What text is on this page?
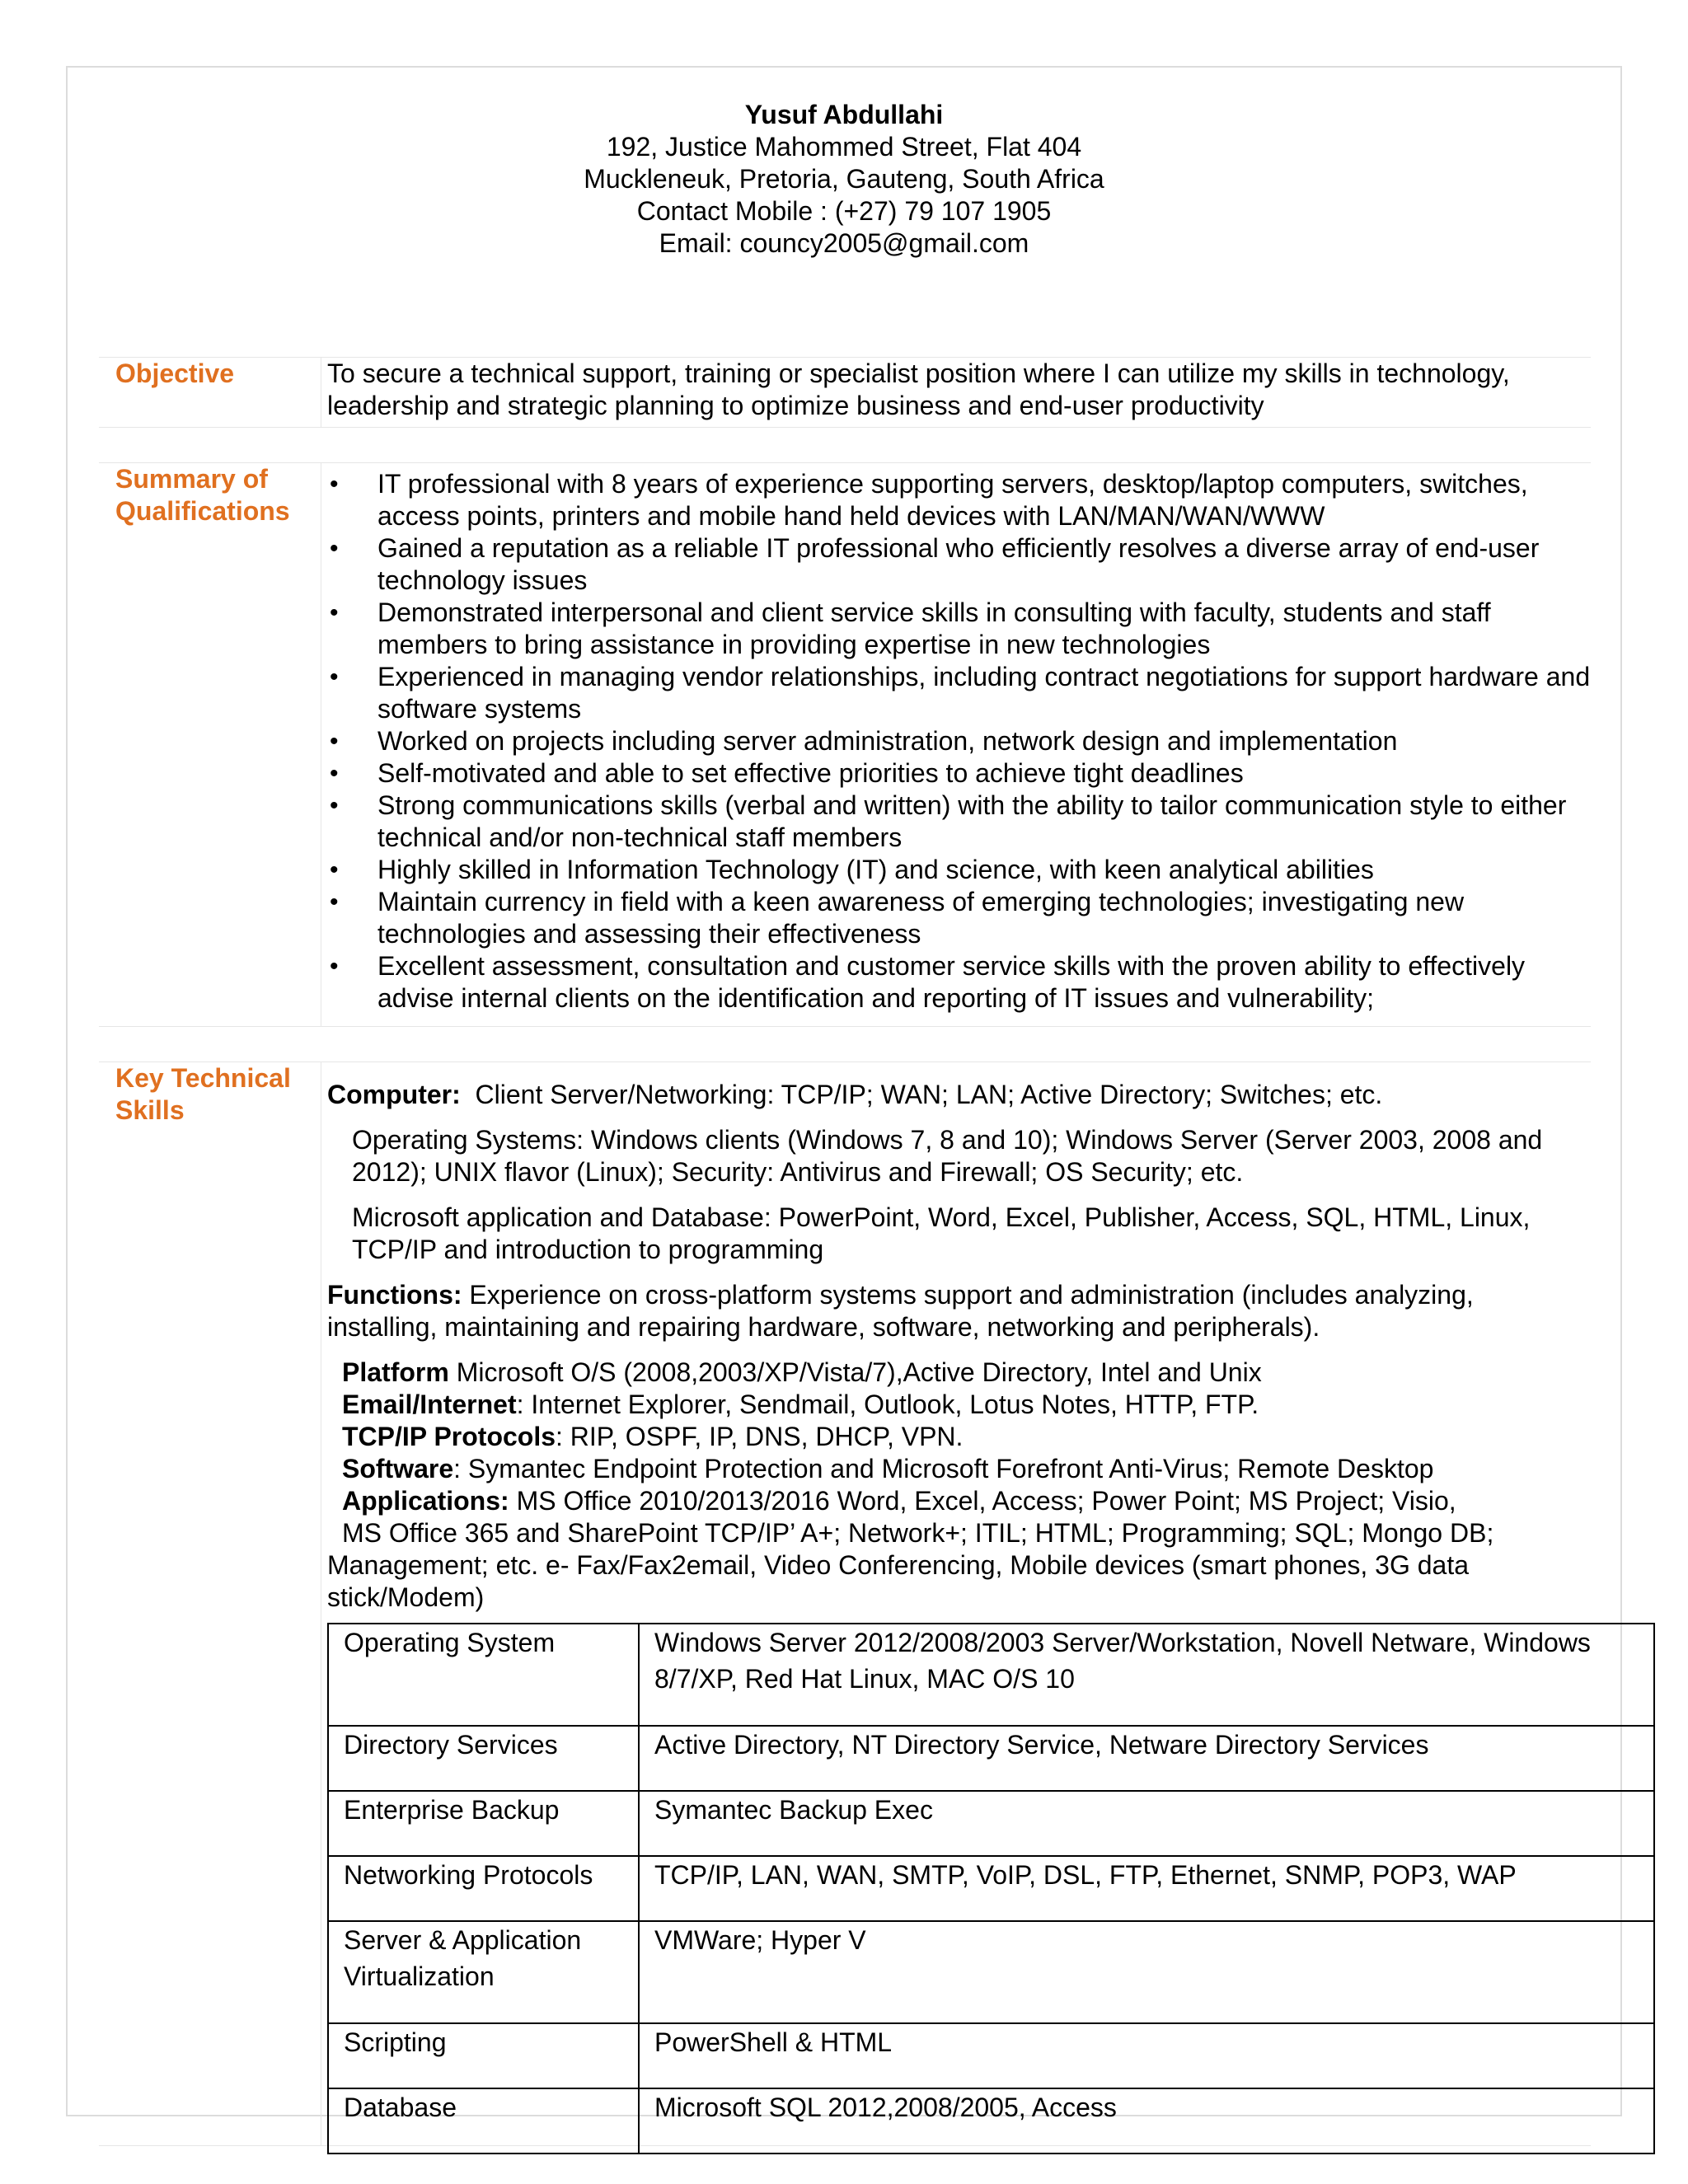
Yusuf Abdullahi
192, Justice Mahommed Street, Flat 404
Muckleneuk, Pretoria, Gauteng, South Africa
Contact Mobile : (+27) 79 107 1905
Email: councy2005@gmail.com
Objective	To secure a technical support, training or specialist position where I can utilize my skills in technology, leadership and strategic planning to optimize business and end-user productivity

Summary of Qualifications
• IT professional with 8 years of experience supporting servers, desktop/laptop computers, switches, access points, printers and mobile hand held devices with LAN/MAN/WAN/WWW
• Gained a reputation as a reliable IT professional who efficiently resolves a diverse array of end-user technology issues
• Demonstrated interpersonal and client service skills in consulting with faculty, students and staff members to bring assistance in providing expertise in new technologies
• Experienced in managing vendor relationships, including contract negotiations for support hardware and software systems
• Worked on projects including server administration, network design and implementation
• Self-motivated and able to set effective priorities to achieve tight deadlines
• Strong communications skills (verbal and written) with the ability to tailor communication style to either technical and/or non-technical staff members
• Highly skilled in Information Technology (IT) and science, with keen analytical abilities
• Maintain currency in field with a keen awareness of emerging technologies; investigating new technologies and assessing their effectiveness
• Excellent assessment, consultation and customer service skills with the proven ability to effectively advise internal clients on the identification and reporting of IT issues and vulnerability;
Key Technical Skills

Computer: Client Server/Networking: TCP/IP; WAN; LAN; Active Directory; Switches; etc.

Operating Systems: Windows clients (Windows 7, 8 and 10); Windows Server (Server 2003, 2008 and 2012); UNIX flavor (Linux); Security: Antivirus and Firewall; OS Security; etc.

Microsoft application and Database: PowerPoint, Word, Excel, Publisher, Access, SQL, HTML, Linux, TCP/IP and introduction to programming

Functions: Experience on cross-platform systems support and administration (includes analyzing, installing, maintaining and repairing hardware, software, networking and peripherals).

Platform Microsoft O/S (2008,2003/XP/Vista/7),Active Directory, Intel and Unix

Email/Internet: Internet Explorer, Sendmail, Outlook, Lotus Notes, HTTP, FTP.

TCP/IP Protocols: RIP, OSPF, IP, DNS, DHCP, VPN.

Software: Symantec Endpoint Protection and Microsoft Forefront Anti-Virus; Remote Desktop

Applications: MS Office 2010/2013/2016 Word, Excel, Access; Power Point; MS Project; Visio,

MS Office 365 and SharePoint TCP/IP’ A+; Network+; ITIL; HTML; Programming; SQL; Mongo DB;

Management; etc. e- Fax/Fax2email, Video Conferencing, Mobile devices (smart phones, 3G data stick/Modem)

Operating System	Windows Server 2012/2008/2003 Server/Workstation, Novell Netware, Windows 8/7/XP, Red Hat Linux, MAC O/S 10
Directory Services	Active Directory, NT Directory Service, Netware Directory Services
Enterprise Backup	Symantec Backup Exec
Networking Protocols	TCP/IP, LAN, WAN, SMTP, VoIP, DSL, FTP, Ethernet, SNMP, POP3, WAP
Server & Application Virtualization	VMWare; Hyper V
Scripting	PowerShell & HTML
Database	Microsoft SQL 2012,2008/2005, Access
